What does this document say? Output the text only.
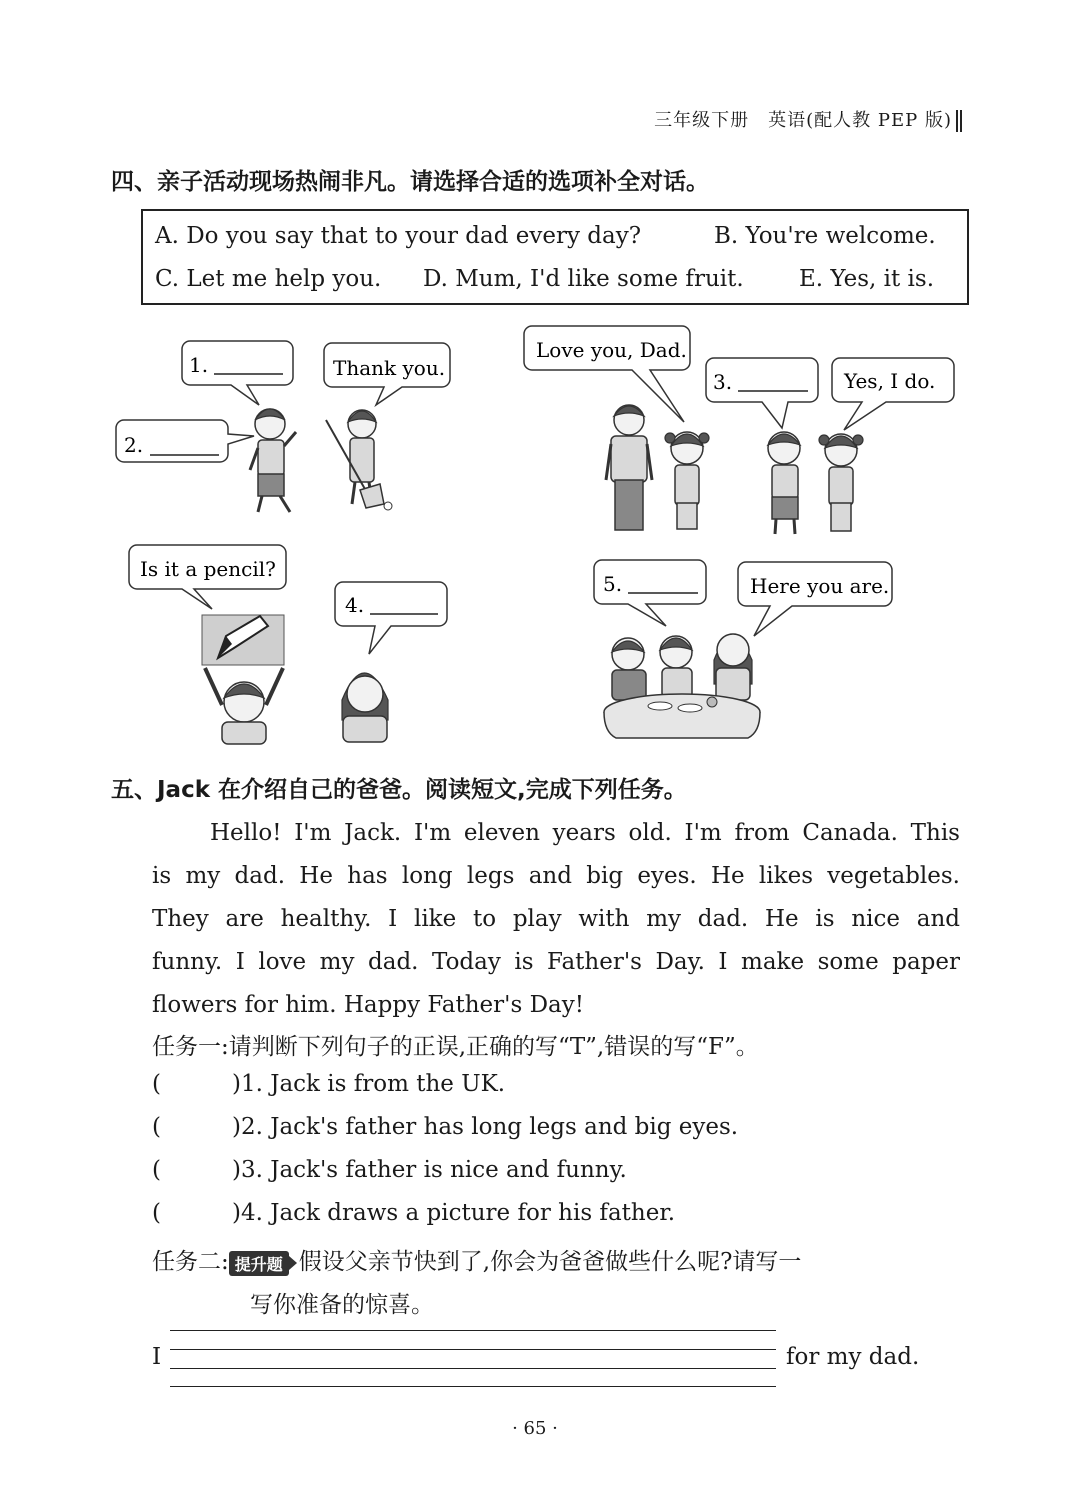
三年级下册　英语(配人教 PEP 版)
四、亲子活动现场热闹非凡。请选择合适的选项补全对话。
A. Do you say that to your dad every day?	B. You're welcome.
C. Let me help you. D. Mum, I'd like some fruit. E. Yes, it is.
1.
2.
Thank you.
Love you, Dad.
3.	Yes, I do.
Is it a pencil?
4.
5.	Here you are.
五、Jack 在介绍自己的爸爸。阅读短文,完成下列任务。
Hello! I'm Jack. I'm eleven years old. I'm from Canada. This
is my dad. He has long legs and big eyes. He likes vegetables.
They are healthy. I like to play with my dad. He is nice and
funny. I love my dad. Today is Father's Day. I make some paper
flowers for him. Happy Father's Day!
任务一:请判断下列句子的正误,正确的写“T”,错误的写“F”。
(	)1. Jack is from the UK.
(	)2. Jack's father has long legs and big eyes.
(	)3. Jack's father is nice and funny.
(	)4. Jack draws a picture for his father.
任务二: 提升题 假设父亲节快到了,你会为爸爸做些什么呢?请写一
写你准备的惊喜。
I	for my dad.
· 65 ·
